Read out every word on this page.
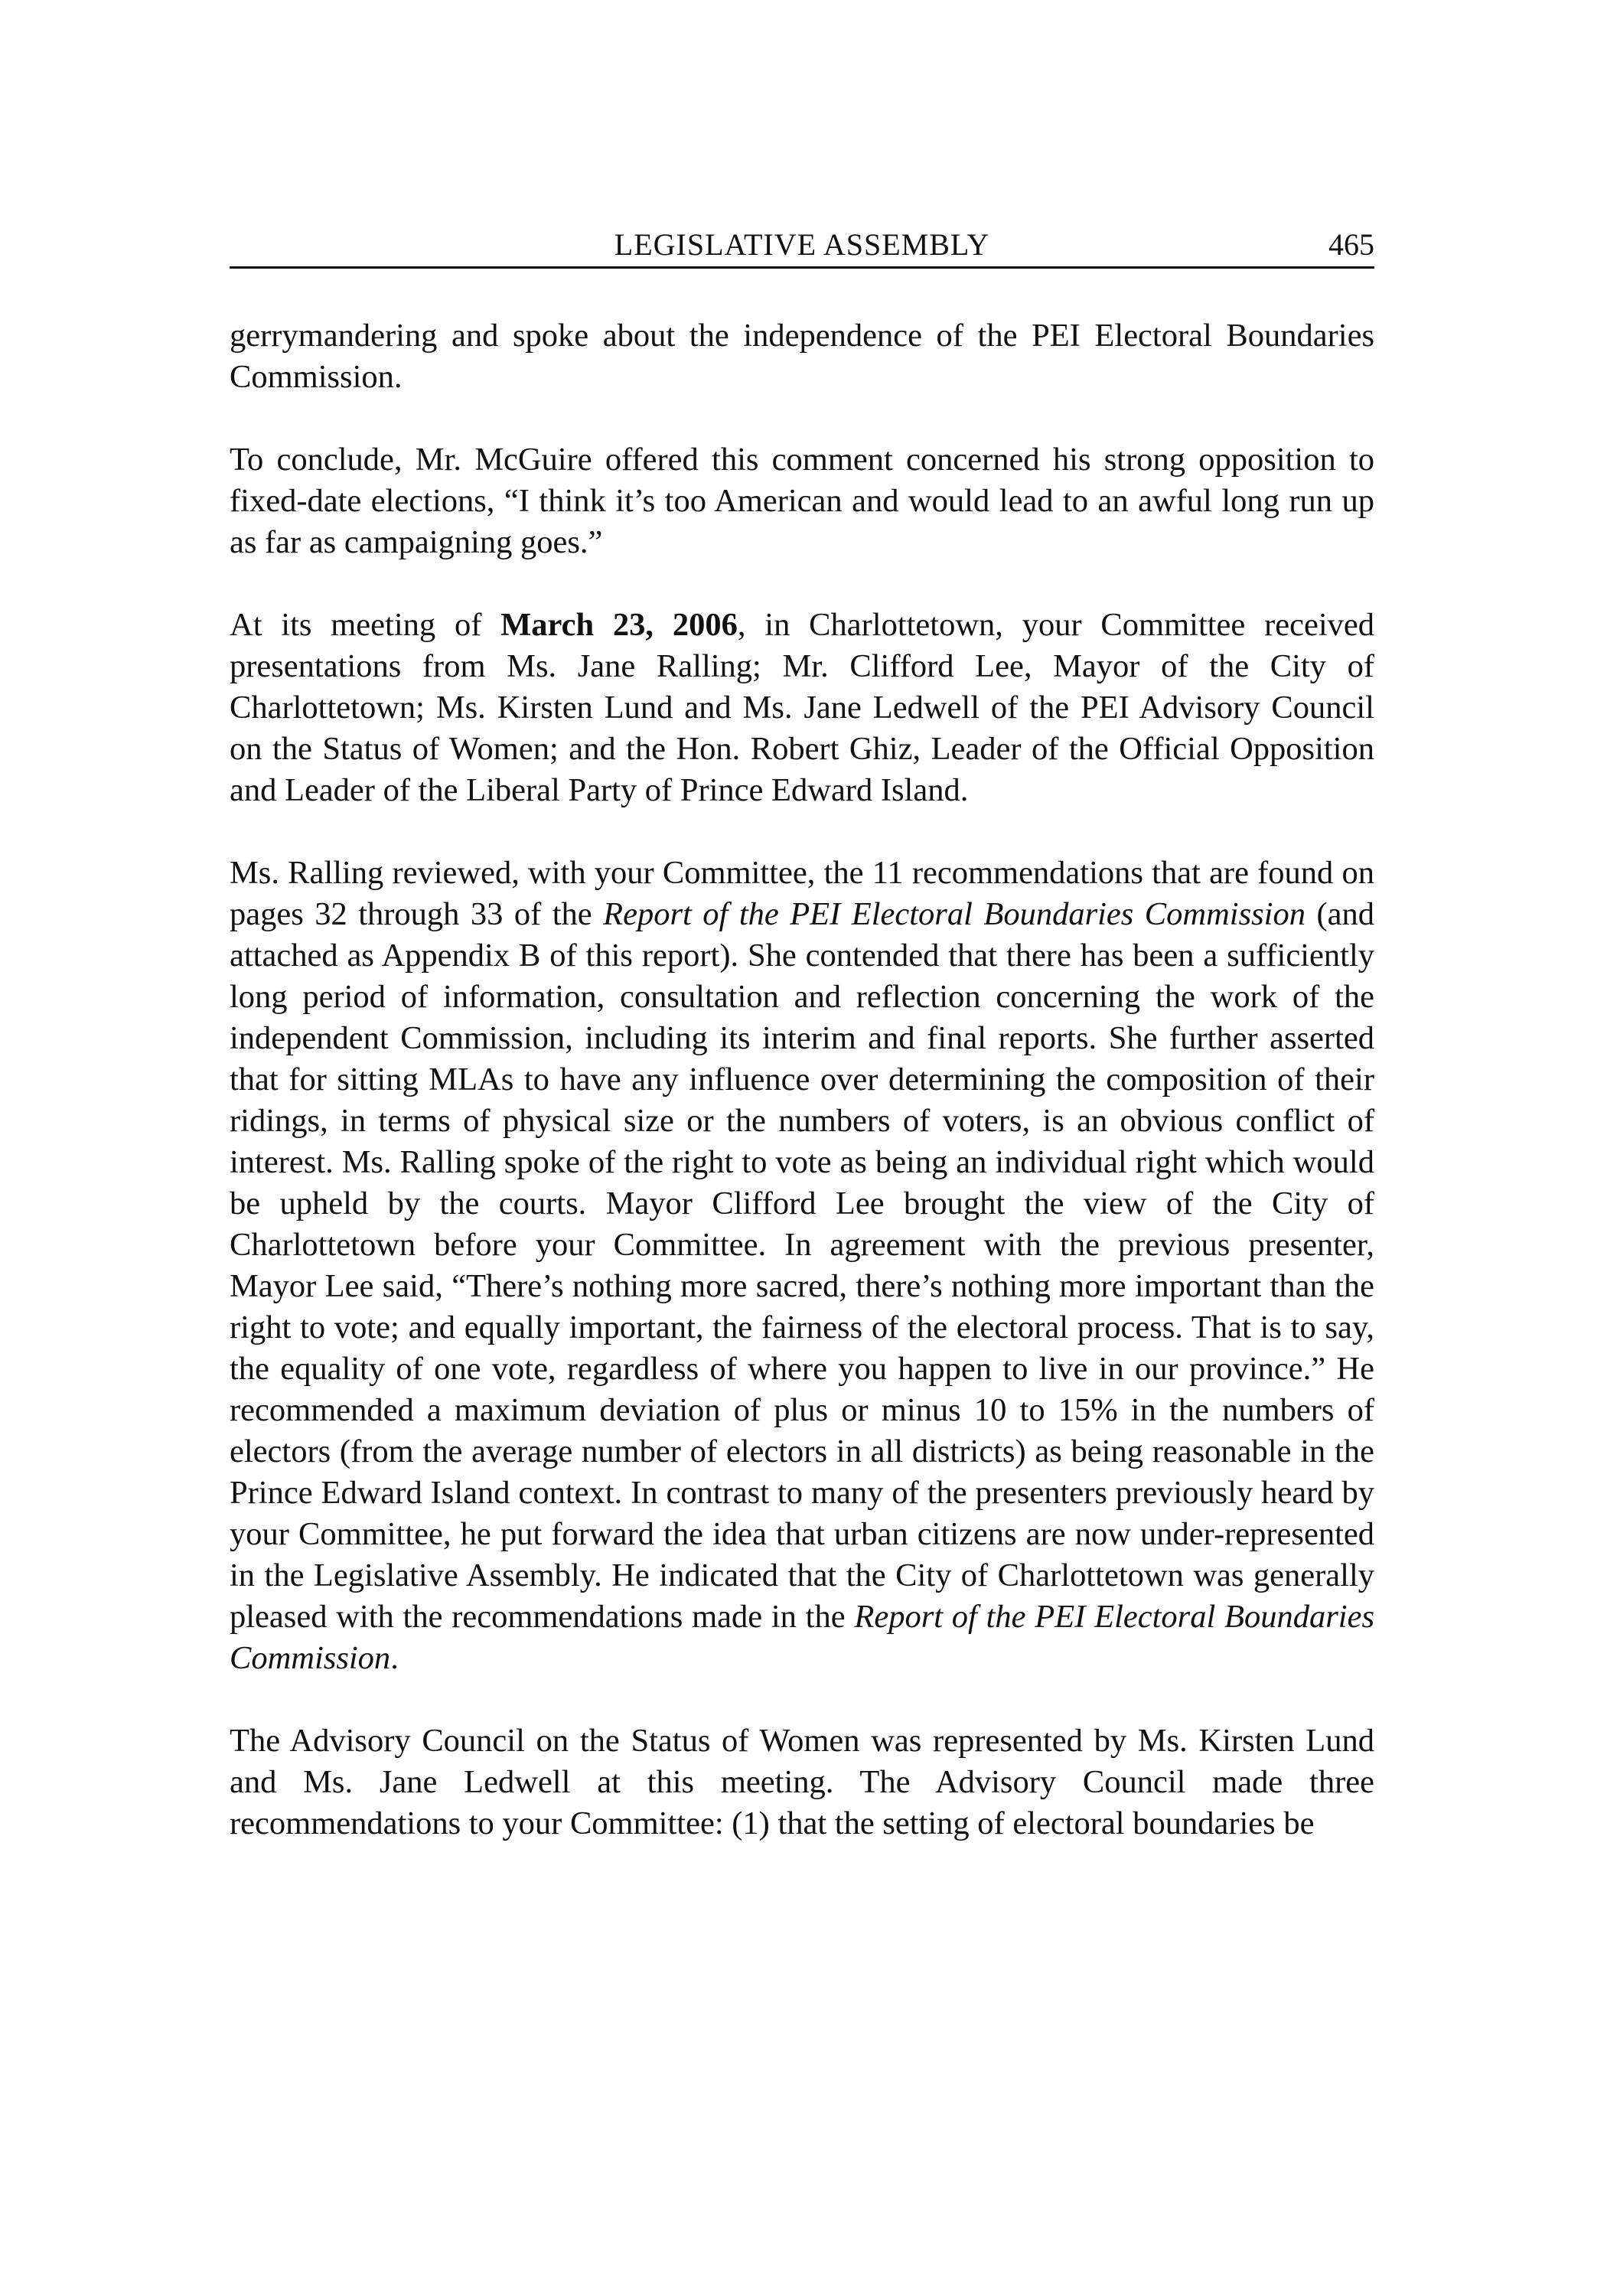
LEGISLATIVE ASSEMBLY	465

gerrymandering and spoke about the independence of the PEI Electoral Boundaries Commission.

To conclude, Mr. McGuire offered this comment concerned his strong opposition to fixed-date elections, “I think it’s too American and would lead to an awful long run up as far as campaigning goes.”

At its meeting of March 23, 2006, in Charlottetown, your Committee received presentations from Ms. Jane Ralling; Mr. Clifford Lee, Mayor of the City of Charlottetown; Ms. Kirsten Lund and Ms. Jane Ledwell of the PEI Advisory Council on the Status of Women; and the Hon. Robert Ghiz, Leader of the Official Opposition and Leader of the Liberal Party of Prince Edward Island.

Ms. Ralling reviewed, with your Committee, the 11 recommendations that are found on pages 32 through 33 of the Report of the PEI Electoral Boundaries Commission (and attached as Appendix B of this report). She contended that there has been a sufficiently long period of information, consultation and reflection concerning the work of the independent Commission, including its interim and final reports. She further asserted that for sitting MLAs to have any influence over determining the composition of their ridings, in terms of physical size or the numbers of voters, is an obvious conflict of interest. Ms. Ralling spoke of the right to vote as being an individual right which would be upheld by the courts. Mayor Clifford Lee brought the view of the City of Charlottetown before your Committee. In agreement with the previous presenter, Mayor Lee said, “There’s nothing more sacred, there’s nothing more important than the right to vote; and equally important, the fairness of the electoral process. That is to say, the equality of one vote, regardless of where you happen to live in our province.” He recommended a maximum deviation of plus or minus 10 to 15% in the numbers of electors (from the average number of electors in all districts) as being reasonable in the Prince Edward Island context. In contrast to many of the presenters previously heard by your Committee, he put forward the idea that urban citizens are now under-represented in the Legislative Assembly. He indicated that the City of Charlottetown was generally pleased with the recommendations made in the Report of the PEI Electoral Boundaries Commission.

The Advisory Council on the Status of Women was represented by Ms. Kirsten Lund and Ms. Jane Ledwell at this meeting. The Advisory Council made three recommendations to your Committee: (1) that the setting of electoral boundaries be
